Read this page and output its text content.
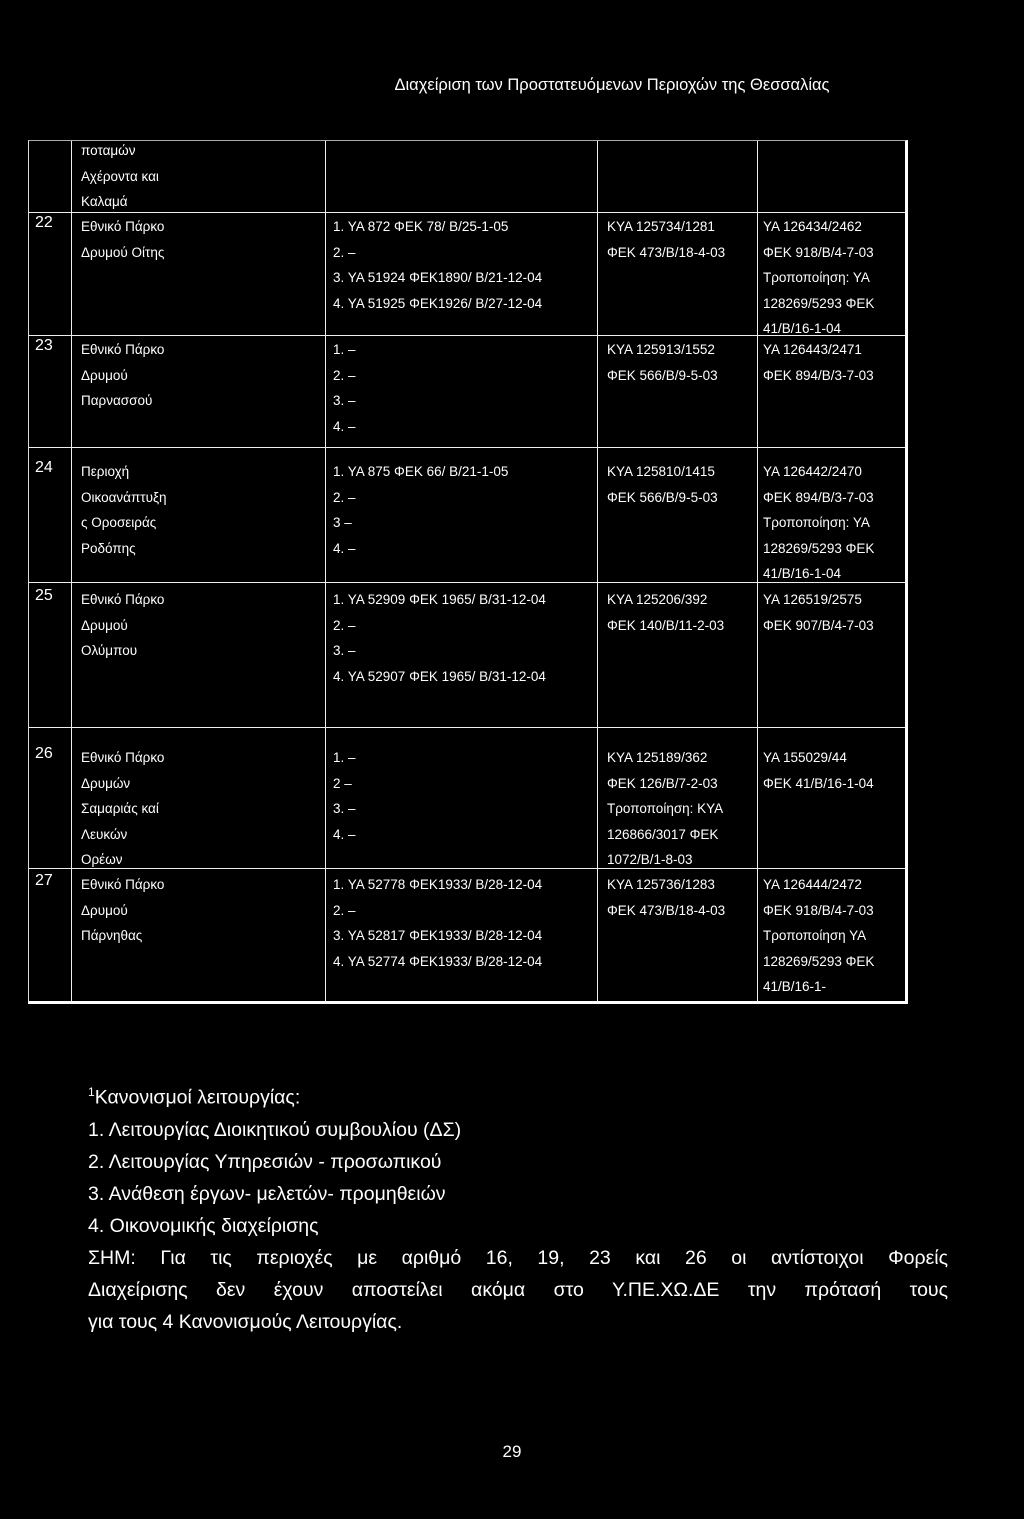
Διαχείριση των Προστατευόμενων Περιοχών της Θεσσαλίας
ποταμών
Αχέροντα και
Καλαμά
22 Εθνικό Πάρκο
Δρυμού Οίτης
1. ΥΑ 872 ΦΕΚ 78/ Β/25-1-05
2. –
3. ΥΑ 51924 ΦΕΚ1890/ Β/21-12-04
4. ΥΑ 51925 ΦΕΚ1926/ Β/27-12-04
ΚΥΑ 125734/1281
ΦΕΚ 473/Β/18-4-03
ΥΑ 126434/2462
ΦΕΚ 918/Β/4-7-03
Τροποποίηση: ΥΑ
128269/5293 ΦΕΚ
41/Β/16-1-04
23 Εθνικό Πάρκο
Δρυμού
Παρνασσού
1. –
2. –
3. –
4. –
ΚΥΑ 125913/1552
ΦΕΚ 566/Β/9-5-03
ΥΑ 126443/2471
ΦΕΚ 894/Β/3-7-03
24 Περιοχή
Οικοανάπτυξη
ς Οροσειράς
Ροδόπης
1. ΥΑ 875 ΦΕΚ 66/ Β/21-1-05
2. –
3 –
4. –
ΚΥΑ 125810/1415
ΦΕΚ 566/Β/9-5-03
ΥΑ 126442/2470
ΦΕΚ 894/Β/3-7-03
Τροποποίηση: ΥΑ
128269/5293 ΦΕΚ
41/Β/16-1-04
25 Εθνικό Πάρκο
Δρυμού
Ολύμπου
1. ΥΑ 52909 ΦΕΚ 1965/ Β/31-12-04
2. –
3. –
4. ΥΑ 52907 ΦΕΚ 1965/ Β/31-12-04
ΚΥΑ 125206/392
ΦΕΚ 140/Β/11-2-03
ΥΑ 126519/2575
ΦΕΚ 907/Β/4-7-03
26 Εθνικό Πάρκο
Δρυμών
Σαμαριάς καί
Λευκών
Ορέων
1. –
2 –
3. –
4. –
ΚΥΑ 125189/362
ΦΕΚ 126/Β/7-2-03
Τροποποίηση: ΚΥΑ
126866/3017 ΦΕΚ
1072/Β/1-8-03
ΥΑ 155029/44
ΦΕΚ 41/Β/16-1-04
27 Εθνικό Πάρκο
Δρυμού
Πάρνηθας
1. ΥΑ 52778 ΦΕΚ1933/ Β/28-12-04
2. –
3. ΥΑ 52817 ΦΕΚ1933/ Β/28-12-04
4. ΥΑ 52774 ΦΕΚ1933/ Β/28-12-04
ΚΥΑ 125736/1283
ΦΕΚ 473/Β/18-4-03
ΥΑ 126444/2472
ΦΕΚ 918/Β/4-7-03
Τροποποίηση ΥΑ
128269/5293 ΦΕΚ
41/Β/16-1-

$^1$Κανονισμοί λειτουργίας:

1. Λειτουργίας Διοικητικού συμβουλίου (ΔΣ)

2. Λειτουργίας Υπηρεσιών - προσωπικού

3. Ανάθεση έργων- μελετών- προμηθειών

4. Οικονομικής διαχείρισης

ΣΗΜ: Για τις περιοχές με αριθμό 16, 19, 23 και 26 οι αντίστοιχοι Φορείς

Διαχείρισης δεν έχουν αποστείλει ακόμα στο Υ.ΠΕ.ΧΩ.ΔΕ την πρότασή τους

για τους 4 Κανονισμούς Λειτουργίας.

29
